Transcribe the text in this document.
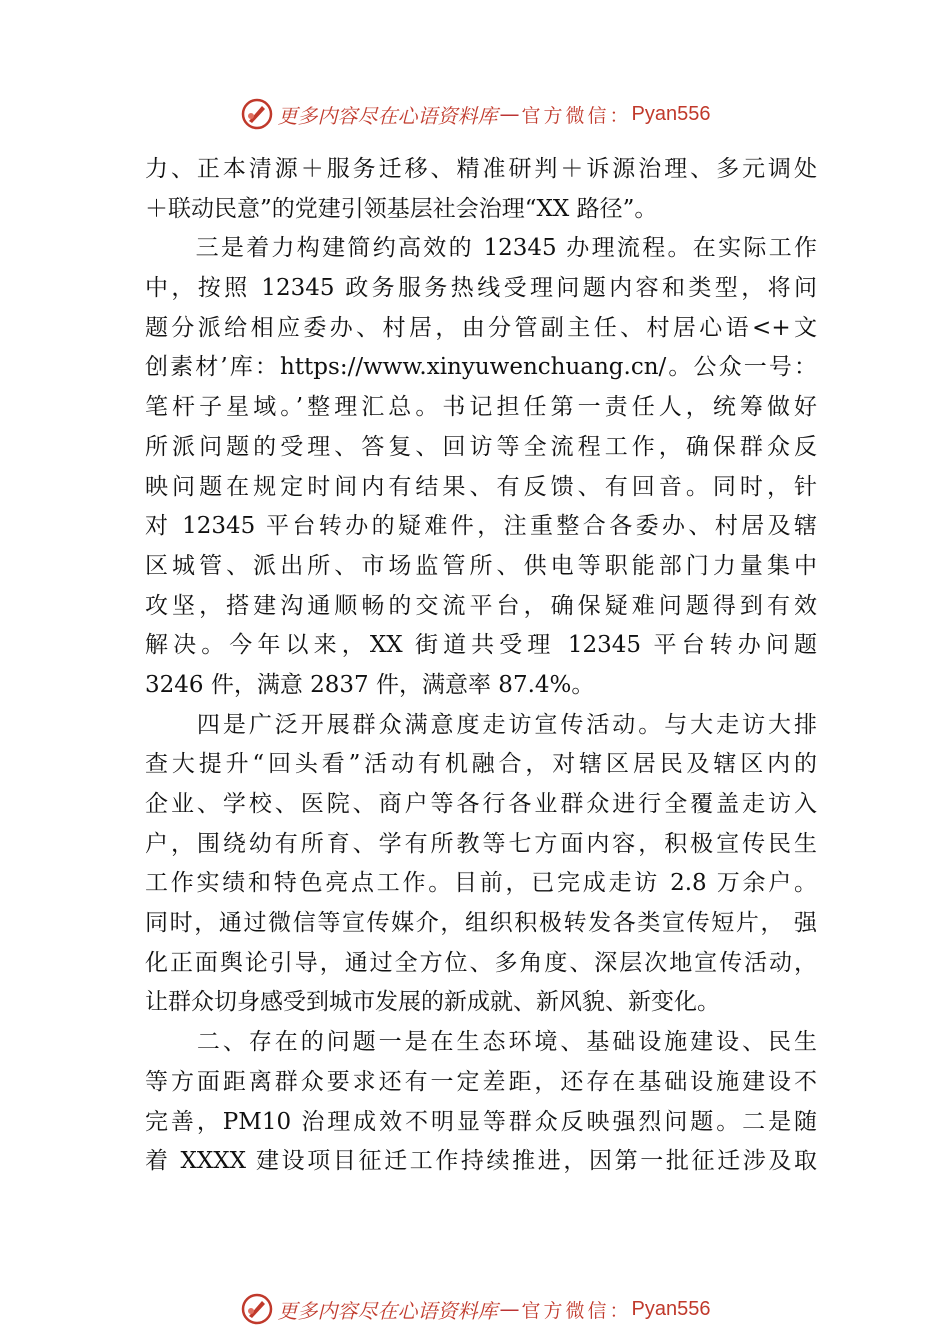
更多内容尽在心语资料库 — 官方微信： Pyan556
力、正本清源＋服务迁移、精准研判＋诉源治理、多元调处
＋联动民意”的党建引领基层社会治理“XX 路径”。
　　三是着力构建简约高效的 12345 办理流程。在实际工作
中，按照 12345 政务服务热线受理问题内容和类型，将问
题分派给相应委办、村居，由分管副主任、村居心语<+文
创素材’库：https://www.xinyuwenchuang.cn/。公众一号：
笔杆子星域。’整理汇总。书记担任第一责任人，统筹做好
所派问题的受理、答复、回访等全流程工作，确保群众反
映问题在规定时间内有结果、有反馈、有回音。同时，针
对 12345 平台转办的疑难件，注重整合各委办、村居及辖
区城管、派出所、市场监管所、供电等职能部门力量集中
攻坚，搭建沟通顺畅的交流平台，确保疑难问题得到有效
解决。今年以来，XX 街道共受理 12345 平台转办问题
3246 件，满意 2837 件，满意率 87.4%。
　　四是广泛开展群众满意度走访宣传活动。与大走访大排
查大提升“回头看”活动有机融合，对辖区居民及辖区内的
企业、学校、医院、商户等各行各业群众进行全覆盖走访入
户，围绕幼有所育、学有所教等七方面内容，积极宣传民生
工作实绩和特色亮点工作。目前，已完成走访 2.8 万余户。
同时，通过微信等宣传媒介，组织积极转发各类宣传短片， 强
化正面舆论引导，通过全方位、多角度、深层次地宣传活动，
让群众切身感受到城市发展的新成就、新风貌、新变化。
　　二、存在的问题一是在生态环境、基础设施建设、民生
等方面距离群众要求还有一定差距，还存在基础设施建设不
完善，PM10 治理成效不明显等群众反映强烈问题。二是随
着 XXXX 建设项目征迁工作持续推进，因第一批征迁涉及取
更多内容尽在心语资料库 — 官方微信： Pyan556
